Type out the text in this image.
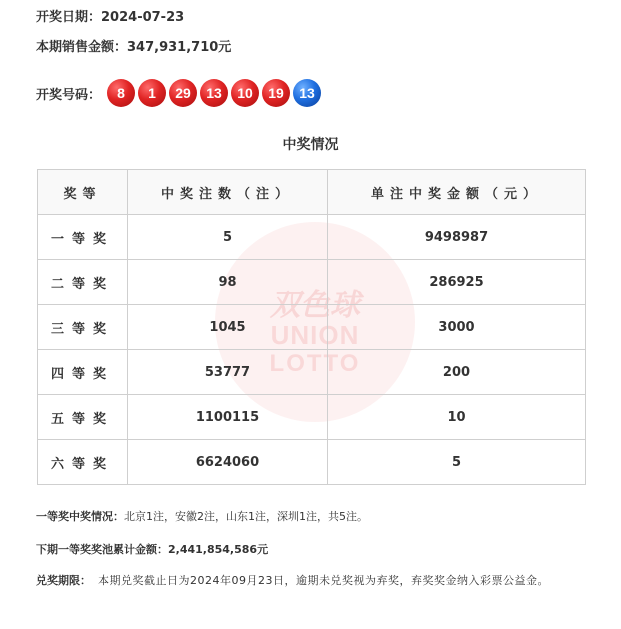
开奖日期：2024-07-23
本期销售金额：347,931,710元
开奖号码：	8	1	29	13	10	19	13
中奖情况
双色球
UNION
LOTTO
奖等	中奖注数（注）	单注中奖金额（元）
一等奖	5	9498987
二等奖	98	286925
三等奖	1045	3000
四等奖	53777	200
五等奖	1100115	10
六等奖	6624060	5
一等奖中奖情况：北京1注，安徽2注，山东1注，深圳1注，共5注。
下期一等奖奖池累计金额：2,441,854,586元
兑奖期限： 本期兑奖截止日为2024年09月23日，逾期未兑奖视为弃奖，弃奖奖金纳入彩票公益金。
